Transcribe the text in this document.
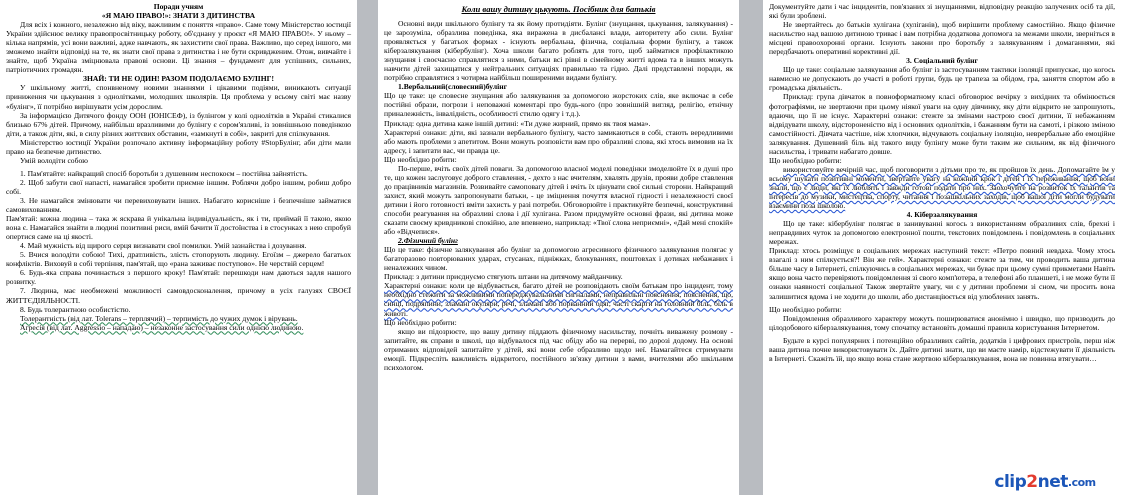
Поради учням

«Я МАЮ ПРАВО!»: ЗНАТИ З ДИТИНСТВА

Для всіх і кожного, незалежно від віку, важливим є поняття «право». Саме тому Міністерство юстиції України здійснює велику правопросвітницьку роботу, об'єднану у проєкт «Я МАЮ ПРАВО!». У ньому – кілька напрямів, усі вони важливі, адже навчають, як захистити свої права. Важливо, що серед іншого, ми зможемо знайти відповіді на те, як знати свої права з дитинства і не бути скривдженим. Отож, вивчайте і знайте, щоб Україна зміцнювала правові основи. Ці знання – фундамент для успішних, сильних, патріотичних громадян.

ЗНАЙ: ТИ НЕ ОДИН! РАЗОМ ПОДОЛАЄМО БУЛІНГ!

У шкільному житті, спонвненому новими знаннями і цікавими подіями, виникають ситуації приниження чи цькування з однолітками, молодших школярів. Ця проблема у всьому світі має назву «булінг», її потрібно вирішувати усім дорослим.

За інформацією Дитячого фонду ООН (ЮНІСЕФ), із булінгом у колі однолітків в Україні стикалися близько 67% дітей. Причому, найбільш вразливими до булінгу є сором'язливі, із зовнішньою поведінкою діти, а також діти, які, в силу різних життєвих обставин, «замкнуті в собі», закриті для спілкування.

Міністерство юстиції України розпочало активну інформаційну роботу #StopБулінг, аби діти мали право на безпечне дитинство.

Умій володіти собою

1. Пам'ятайте: найкращий спосіб боротьби з душевним неспокоєм – постійна зайнятість.

2. Щоб забути свої напасті, намагайся зробити приємне іншим. Роблячи добро іншим, робиш добро собі.

3. Не намагайся змінювати чи перевиховувати інших. Набагато корисніше і безпечніше займатися самовихованням.

Пам'ятай: кожна людина – така ж яскрава й унікальна індивідуальність, як і ти, приймай її такою, якою вона є. Намагайся знайти в людині позитивні риси, вмій бачити її достоїнства і в стосунках з нею спробуй опертися саме на ці якості.

4. Май мужність від щирого серця визнавати свої помилки. Умій зазнайства і дозування.

5. Вчися володіти собою! Тихі, дратливість, злість стопорують людину. Егоїзм – джерело багатьох конфліктів. Виховуй в собі терпіння, пам'ятай, що «рана заживає поступово». Не черствій серцем!

6. Будь-яка справа починається з першого кроку! Пам'ятай: перешкоди нам даються задля нашого розвитку.

7. Людина, має необмежені можливості самовдосконалення, причому в усіх галузях СВОЄЇ ЖИТТЄДІЯЛЬНОСТІ.

8. Будь толерантною особистістю.

Толерантність (від лат. Tolerans – терплячий) – терпимість до чужих думок і вірувань.

Агресія (від лат. Aggressio – нападаю) – незаконне застосування сили однією людиною.

Коли вашу дитину цькують. Посібник для батьків

Основні види шкільного булінгу та як йому протидіяти. Булінг (знущання, цькування, залякування) - це зарозуміла, образлива поведінка, яка виражена в дисбалансі влади, авторитету або сили. Булінг проявляється у багатьох формах - існують вербальна, фізична, соціальна форми булінгу, а також кіберзалякування (кібербулінг). Хоча школи багато роблять для того, щоб займатися профілактикою знущання і своєчасно справлятися з ними, батьки всі рівні в сімейному житті вдома та в інших можуть навчити дітей захищатися у нейтральних ситуаціях правильно та гідно. Далі представлені поради, як потрібно справлятися з чотирма найбільш поширеними видами булінгу.

1.Вербальний(словесний)булінг

Що це таке: це словесне знущання або залякування за допомогою жорстоких слів, яке включає в себе постійні образи, погрози і неповажні коментарі про будь-кого (про зовнішній вигляд, релігію, етнічну приналежність, інвалідність, особливості стилю одягу і т.д.).

Приклад: одна дитина каже іншій дитині: «Ти дуже жирний, прямо як твоя мама».

Характерні ознаки: діти, які зазнали вербального булінгу, часто замикаються в собі, стають вередливими або мають проблеми з апетитом. Вони можуть розповісти вам про образливі слова, які хтось вимовив на їх адресу, і запитати вас, чи правда це.

Що необхідно робити:

По-перше, вчіть своїх дітей поваги. За допомогою власної моделі поведінки змоделюйте їх в душі про те, що кожен заслуговує доброго ставлення, - дехто з нас вчителям, хвалять друзів, прояви добре ставлення до працівників магазинів. Розвивайте самоповагу дітей і вчіть їх цінувати свої сильні сторони. Найкращий захист, який можуть запропонувати батьки, - це зміцнення почуття власної гідності і незалежності своєї дитини і його готовності вміти захисть у разі потреби. Обговорюйте і практикуйте безпечні, конструктивні способи реагування на образливі слова і дії хулігана. Разом придумуйте основні фрази, які дитина може сказати своєму кривдникові спокійно, але впевнено, наприклад: «Твої слова неприємні», «Дай мені спокій» або «Відчепися».

2.Фізичний булінг

Що це таке: фізичне залякування або булінг за допомогою агресивного фізичного залякування полягає у багаторазово повторюваних ударах, стусанах, підніжках, блокуваннях, поштовхах і дотиках небажаних і неналежних чином.

Приклад: з дитини приєднуємо стягують штани на дитячому майданчику.

Характерні ознаки: коли це відбувається, багато дітей не розповідають своїм батькам про інцидент, тому необхідно стежити за можливими попереджувальними сигналами, неправильні пояснення, пояснення, що, синці, подряпини, зламані окуляри, речі, зламані або порванний одяг, часті скарги на головний біль, біль в животі.

Що необхідно робити:

якщо ви підозрюєте, що вашу дитину піддають фізичному насильству, почніть виважену розмову - запитайте, як справи в школі, що відбувалося під час обіду або на перерві, по дорозі додому. На основі отриманих відповідей запитайте у дітей, які вони себе образливо щодо неї. Намагайтеся стримувати емоції. Підкресліть важливість відкритого, постійного зв'язку дитини з вами, вчителями або шкільним психологом.

Документуйте дати і час інцидентів, пов'язаних зі знущаннями, відповідну реакцію залучених осіб та дії, які були зроблені.

Не звертайтесь до батьків хулігана (хуліганів), щоб вирішити проблему самостійно. Якщо фізичне насильство над вашою дитиною триває і вам потрібна додаткова допомога за межами школи, зверніться в місцеві правоохоронні органи. Існують закони про боротьбу з залякуванням і домаганнями, які передбачають оперативні корективні дії.

3. Соціальний булінг

Що це таке: соціальне залякування або булінг із застосуванням тактики ізоляції припускає, що когось навмисно не допускають до участі в роботі групи, будь це трапеза за обідом, гра, заняття спортом або в громадська діяльність.

Приклад: група дівчаток в повноформатному класі обговорює вечірку з вихідних та обмінюється фотографіями, не звертаючи при цьому ніякої уваги на одну дівчинку, яку діти відкрито не запрошують, вдаючи, що її не існує. Характерні ознаки: стежте за змінами настрою своєї дитини, її небажанням відвідувати школу, відстороненістю від і основних однолітків, і бажанням бути на самоті, і різкою зміною самостійності. Дівчата частіше, ніж хлопчики, відчувають соціальну ізоляцію, неврербальне або емоційне залякування. Душевний біль від такого виду булінгу може бути таким же сильним, як від фізичного насильства, і тривати набагато довше.

Що необхідно робити:

використовуйте вечірній час, щоб поговорити з дітьми про те, як пройшов їх день. Допомагайте їм у всьому шукати позитивні моменти, звертайте увагу на кожний крок і дітей і їх переживання, щоб вони знали, що є люди, які їх люблять і завжди готові подати про них. Заохочуйте на розвиток їх талантів та інтересів до музики, мистецтва, спорту, читання і позашкільних заходів, щоб вашої діти могли будувати взаємини поза школою.

4. Кіберзалякування

Що це таке: кібербулінг полягає в занивуванні когось з використанням образливих слів, брехні і неправдивих чуток за допомогою електронної пошти, текстових повідомлень і повідомлень в соціальних мережах.

Приклад: хтось розміщує в соціальних мережах наступний текст: «Петро повний невдаха. Чому хтось взагалі з ним спілкується?! Він же гей». Характерні ознаки: стежте за тим, чи проводить ваша дитина більше часу в Інтернеті, спілкуючись в соціальних мережах, чи буває при цьому сумні прикметами Навіть якщо вона часто перевіряють повідомлення зі свого комп'ютера, в телефоні або планшеті, і не може бути її ознаки наявності соціальної Також звертайте увагу, чи є у дитини проблеми зі сном, чи просить вона залишитися вдома і не ходити до школи, або дистанціюється від улюблених занять.

Що необхідно робити:

Повідомлення образливого характеру можуть поширюватися анонімно і швидко, що призводить до цілодобового кіберзалякування, тому спочатку встановіть домашні правила користування Інтернетом.

Будьте в курсі популярних і потенційно образливих сайтів, додатків і цифрових пристроїв, перш ніж ваша дитина почне використовувати їх. Дайте дитині знати, що ви маєте намір, відстежувати її діяльність в Інтернеті. Скажіть їй, що якщо вона стане жертвою кіберзалякування, вона не повинна втягувати…

clip 2 net .com
